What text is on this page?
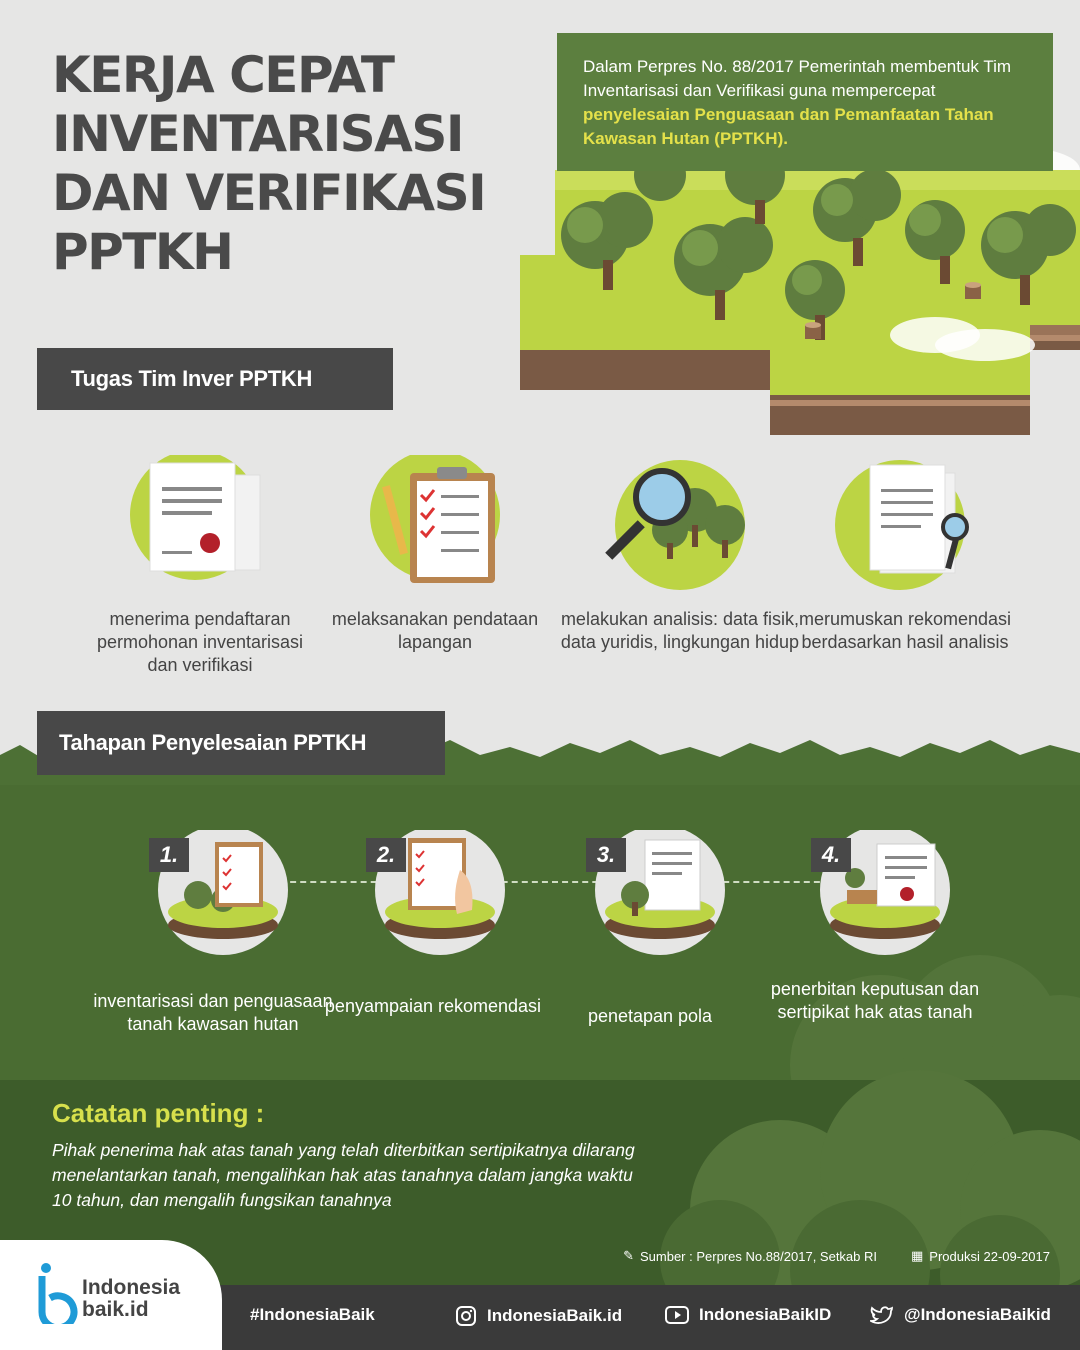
KERJA CEPAT
INVENTARISASI
DAN VERIFIKASI
PPTKH
Dalam Perpres No. 88/2017 Pemerintah membentuk Tim Inventarisasi dan Verifikasi guna mempercepat penyelesaian Penguasaan dan Pemanfaatan Tahan Kawasan Hutan (PPTKH).
Tugas Tim Inver PPTKH
menerima pendaftaran permohonan inventarisasi dan verifikasi
melaksanakan pendataan lapangan
melakukan analisis: data fisik, data yuridis, lingkungan hidup
merumuskan rekomendasi berdasarkan hasil analisis
Tahapan Penyelesaian PPTKH
1.
inventarisasi dan penguasaan tanah kawasan hutan
2.
penyampaian rekomendasi
3.
penetapan pola
4.
penerbitan keputusan dan sertipikat hak atas tanah
Catatan penting :

Pihak penerima hak atas tanah yang telah diterbitkan sertipikatnya dilarang menelantarkan tanah, mengalihkan hak atas tanahnya dalam jangka waktu 10 tahun, dan mengalih fungsikan tanahnya

✎ Sumber : Perpres No.88/2017, Setkab RI	▦ Produksi 22-09-2017
Indonesia
baik.id	#IndonesiaBaik	IndonesiaBaik.id	IndonesiaBaikID	@IndonesiaBaikid
